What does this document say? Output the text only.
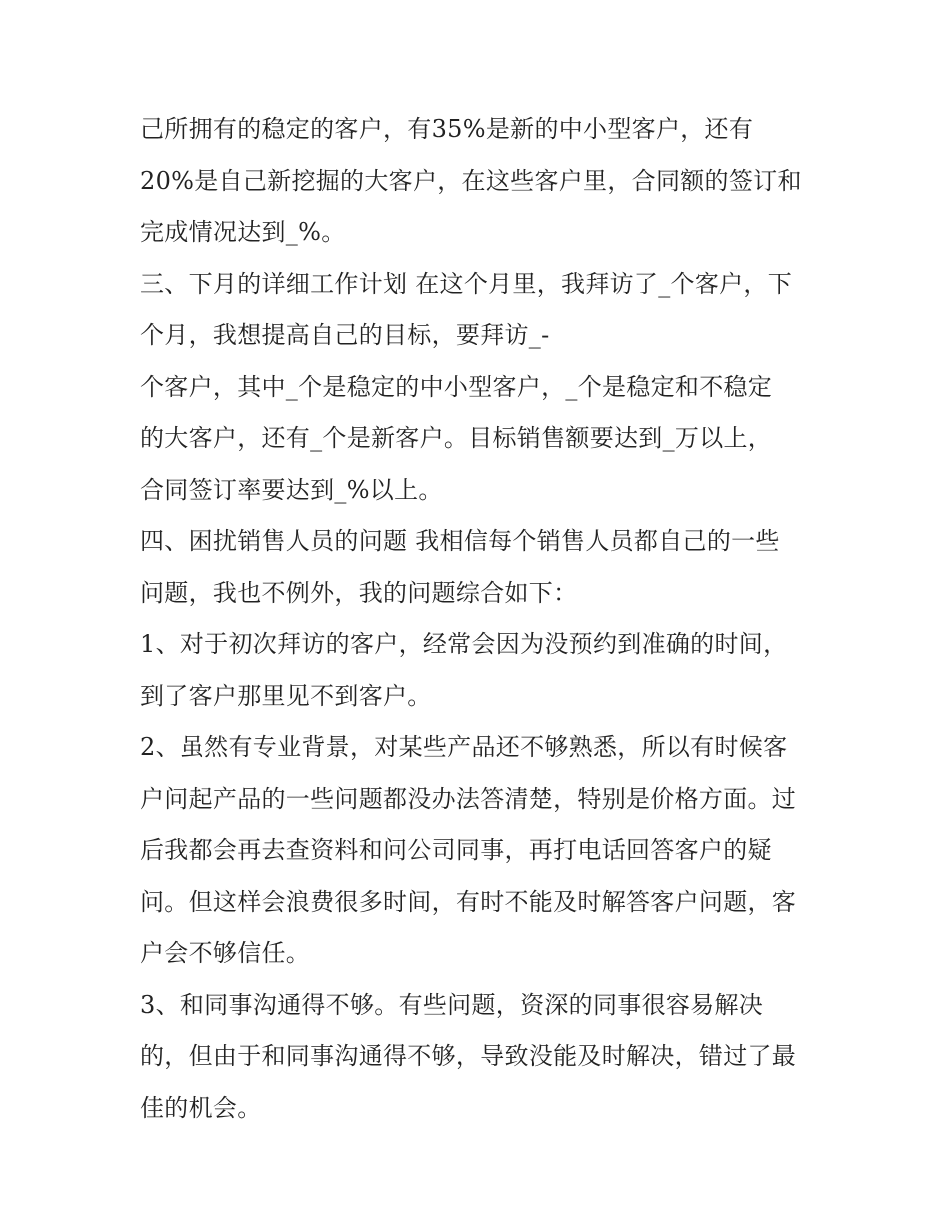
己所拥有的稳定的客户，有35%是新的中小型客户，还有
20%是自己新挖掘的大客户，在这些客户里，合同额的签订和
完成情况达到_%。
三、下月的详细工作计划 在这个月里，我拜访了_个客户，下
个月，我想提高自己的目标，要拜访_-
个客户，其中_个是稳定的中小型客户，_个是稳定和不稳定
的大客户，还有_个是新客户。目标销售额要达到_万以上，
合同签订率要达到_%以上。
四、困扰销售人员的问题 我相信每个销售人员都自己的一些
问题，我也不例外，我的问题综合如下：
1、对于初次拜访的客户，经常会因为没预约到准确的时间，
到了客户那里见不到客户。
2、虽然有专业背景，对某些产品还不够熟悉，所以有时候客
户问起产品的一些问题都没办法答清楚，特别是价格方面。过
后我都会再去查资料和问公司同事，再打电话回答客户的疑
问。但这样会浪费很多时间，有时不能及时解答客户问题，客
户会不够信任。
3、和同事沟通得不够。有些问题，资深的同事很容易解决
的，但由于和同事沟通得不够，导致没能及时解决，错过了最
佳的机会。
